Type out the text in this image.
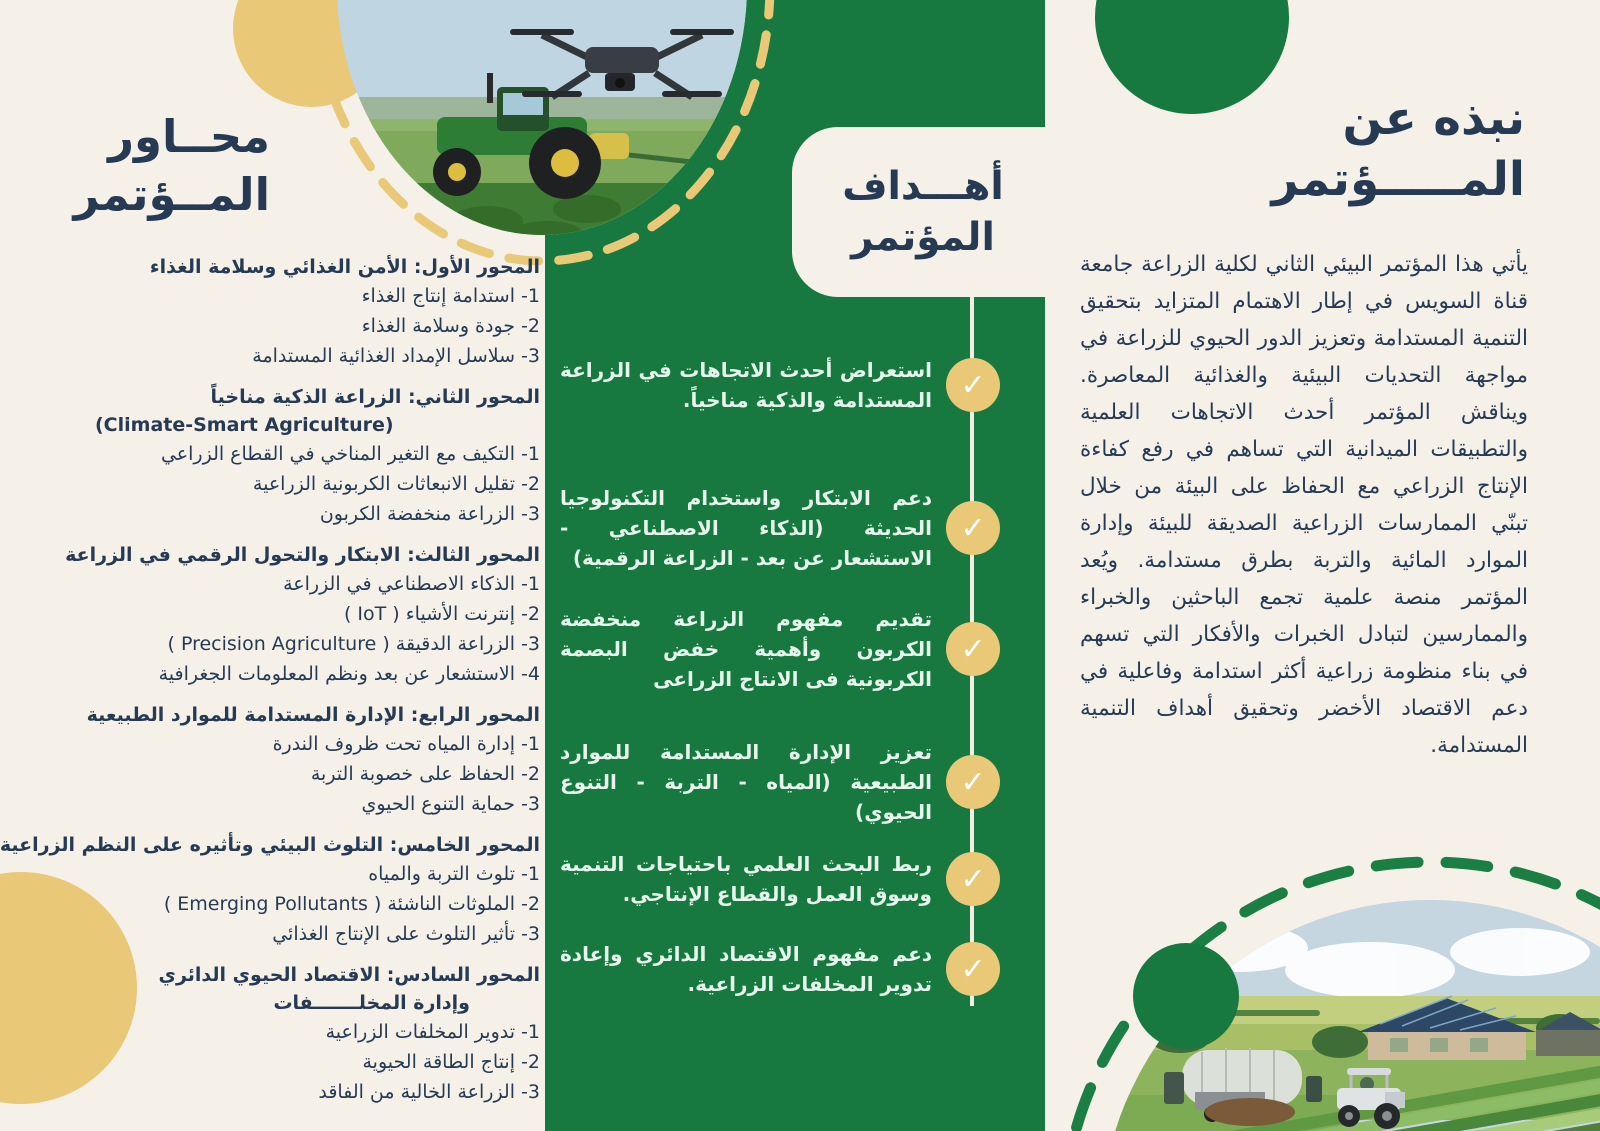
أهـــداف
المؤتمر
✓
استعراض أحدث الاتجاهات في الزراعة المستدامة والذكية مناخياً.
✓
دعم الابتكار واستخدام التكنولوجيا الحديثة (الذكاء الاصطناعي - الاستشعار عن بعد - الزراعة الرقمية)
✓
تقديم مفهوم الزراعة منخفضة الكربون وأهمية خفض البصمة الكربونية فى الانتاج الزراعى
✓
تعزيز الإدارة المستدامة للموارد الطبيعية (المياه - التربة - التنوع الحيوي)
✓
ربط البحث العلمي باحتياجات التنمية وسوق العمل والقطاع الإنتاجي.
✓
دعم مفهوم الاقتصاد الدائري وإعادة تدوير المخلفات الزراعية.
محــاور
المــؤتمر
المحور الأول: الأمن الغذائي وسلامة الغذاء
1- استدامة إنتاج الغذاء
2- جودة وسلامة الغذاء
3- سلاسل الإمداد الغذائية المستدامة
المحور الثاني: الزراعة الذكية مناخياً
(Climate-Smart Agriculture)
1- التكيف مع التغير المناخي في القطاع الزراعي
2- تقليل الانبعاثات الكربونية الزراعية
3- الزراعة منخفضة الكربون
المحور الثالث: الابتكار والتحول الرقمي في الزراعة
1- الذكاء الاصطناعي في الزراعة
2- إنترنت الأشياء ( IoT )
3- الزراعة الدقيقة ( Precision Agriculture )
4- الاستشعار عن بعد ونظم المعلومات الجغرافية
المحور الرابع: الإدارة المستدامة للموارد الطبيعية
1- إدارة المياه تحت ظروف الندرة
2- الحفاظ على خصوبة التربة
3- حماية التنوع الحيوي
المحور الخامس: التلوث البيئي وتأثيره على النظم الزراعية
1- تلوث التربة والمياه
2- الملوثات الناشئة ( Emerging Pollutants )
3- تأثير التلوث على الإنتاج الغذائي
المحور السادس: الاقتصاد الحيوي الدائري
وإدارة المخلـــــــفات
1- تدوير المخلفات الزراعية
2- إنتاج الطاقة الحيوية
3- الزراعة الخالية من الفاقد
نبذه عن
المـــــؤتمر
يأتي هذا المؤتمر البيئي الثاني لكلية الزراعة جامعة قناة السويس في إطار الاهتمام المتزايد بتحقيق التنمية المستدامة وتعزيز الدور الحيوي للزراعة في مواجهة التحديات البيئية والغذائية المعاصرة. ويناقش المؤتمر أحدث الاتجاهات العلمية والتطبيقات الميدانية التي تساهم في رفع كفاءة الإنتاج الزراعي مع الحفاظ على البيئة من خلال تبنّي الممارسات الزراعية الصديقة للبيئة وإدارة الموارد المائية والتربة بطرق مستدامة. ويُعد المؤتمر منصة علمية تجمع الباحثين والخبراء والممارسين لتبادل الخبرات والأفكار التي تسهم في بناء منظومة زراعية أكثر استدامة وفاعلية في دعم الاقتصاد الأخضر وتحقيق أهداف التنمية المستدامة.
